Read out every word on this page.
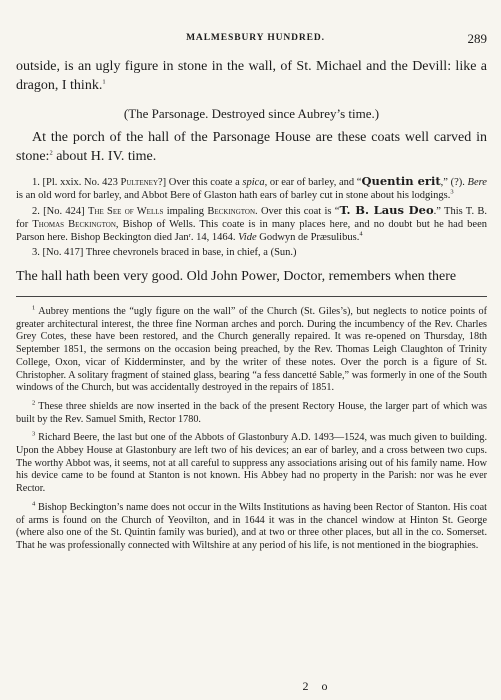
MALMESBURY HUNDRED.	289

outside, is an ugly figure in stone in the wall, of St. Michael and the Devill: like a dragon, I think.$^1$

(The Parsonage. Destroyed since Aubrey’s time.)

At the porch of the hall of the Parsonage House are these coats well carved in stone:$^2$ about H. IV. time.

1. [Pl. xxix. No. 423 Pulteney?] Over this coate a spica, or ear of barley, and “Quentin erit,” (?). Bere is an old word for barley, and Abbot Bere of Glaston hath ears of barley cut in stone about his lodgings.$^3$

2. [No. 424] The See of Wells impaling Beckington. Over this coat is “T. B. Laus Deo.” This T. B. for Thomas Beckington, Bishop of Wells. This coate is in many places here, and no doubt but he had been Parson here. Bishop Beckington died Janʳ. 14, 1464. Vide Godwyn de Præsulibus.$^4$

3. [No. 417] Three chevronels braced in base, in chief, a (Sun.)

The hall hath been very good. Old John Power, Doctor, remembers when there

$^1$ Aubrey mentions the “ugly figure on the wall” of the Church (St. Giles’s), but neglects to notice points of greater architectural interest, the three fine Norman arches and porch. During the incumbency of the Rev. Charles Grey Cotes, these have been restored, and the Church generally repaired. It was re-opened on Thursday, 18th September 1851, the sermons on the occasion being preached, by the Rev. Thomas Leigh Claughton of Trinity College, Oxon, vicar of Kidderminster, and by the writer of these notes. Over the porch is a figure of St. Christopher. A solitary fragment of stained glass, bearing “a fess dancetté Sable,” was formerly in one of the South windows of the Church, but was accidentally destroyed in the repairs of 1851.

$^2$ These three shields are now inserted in the back of the present Rectory House, the larger part of which was built by the Rev. Samuel Smith, Rector 1780.

$^3$ Richard Beere, the last but one of the Abbots of Glastonbury A.D. 1493—1524, was much given to building. Upon the Abbey House at Glastonbury are left two of his devices; an ear of barley, and a cross between two cups. The worthy Abbot was, it seems, not at all careful to suppress any associations arising out of his family name. How his device came to be found at Stanton is not known. His Abbey had no property in the Parish: nor was he ever Rector.

$^4$ Bishop Beckington’s name does not occur in the Wilts Institutions as having been Rector of Stanton. His coat of arms is found on the Church of Yeovilton, and in 1644 it was in the chancel window at Hinton St. George (where also one of the St. Quintin family was buried), and at two or three other places, but all in the co. Somerset. That he was professionally connected with Wiltshire at any period of his life, is not mentioned in the biographies.

2 o
